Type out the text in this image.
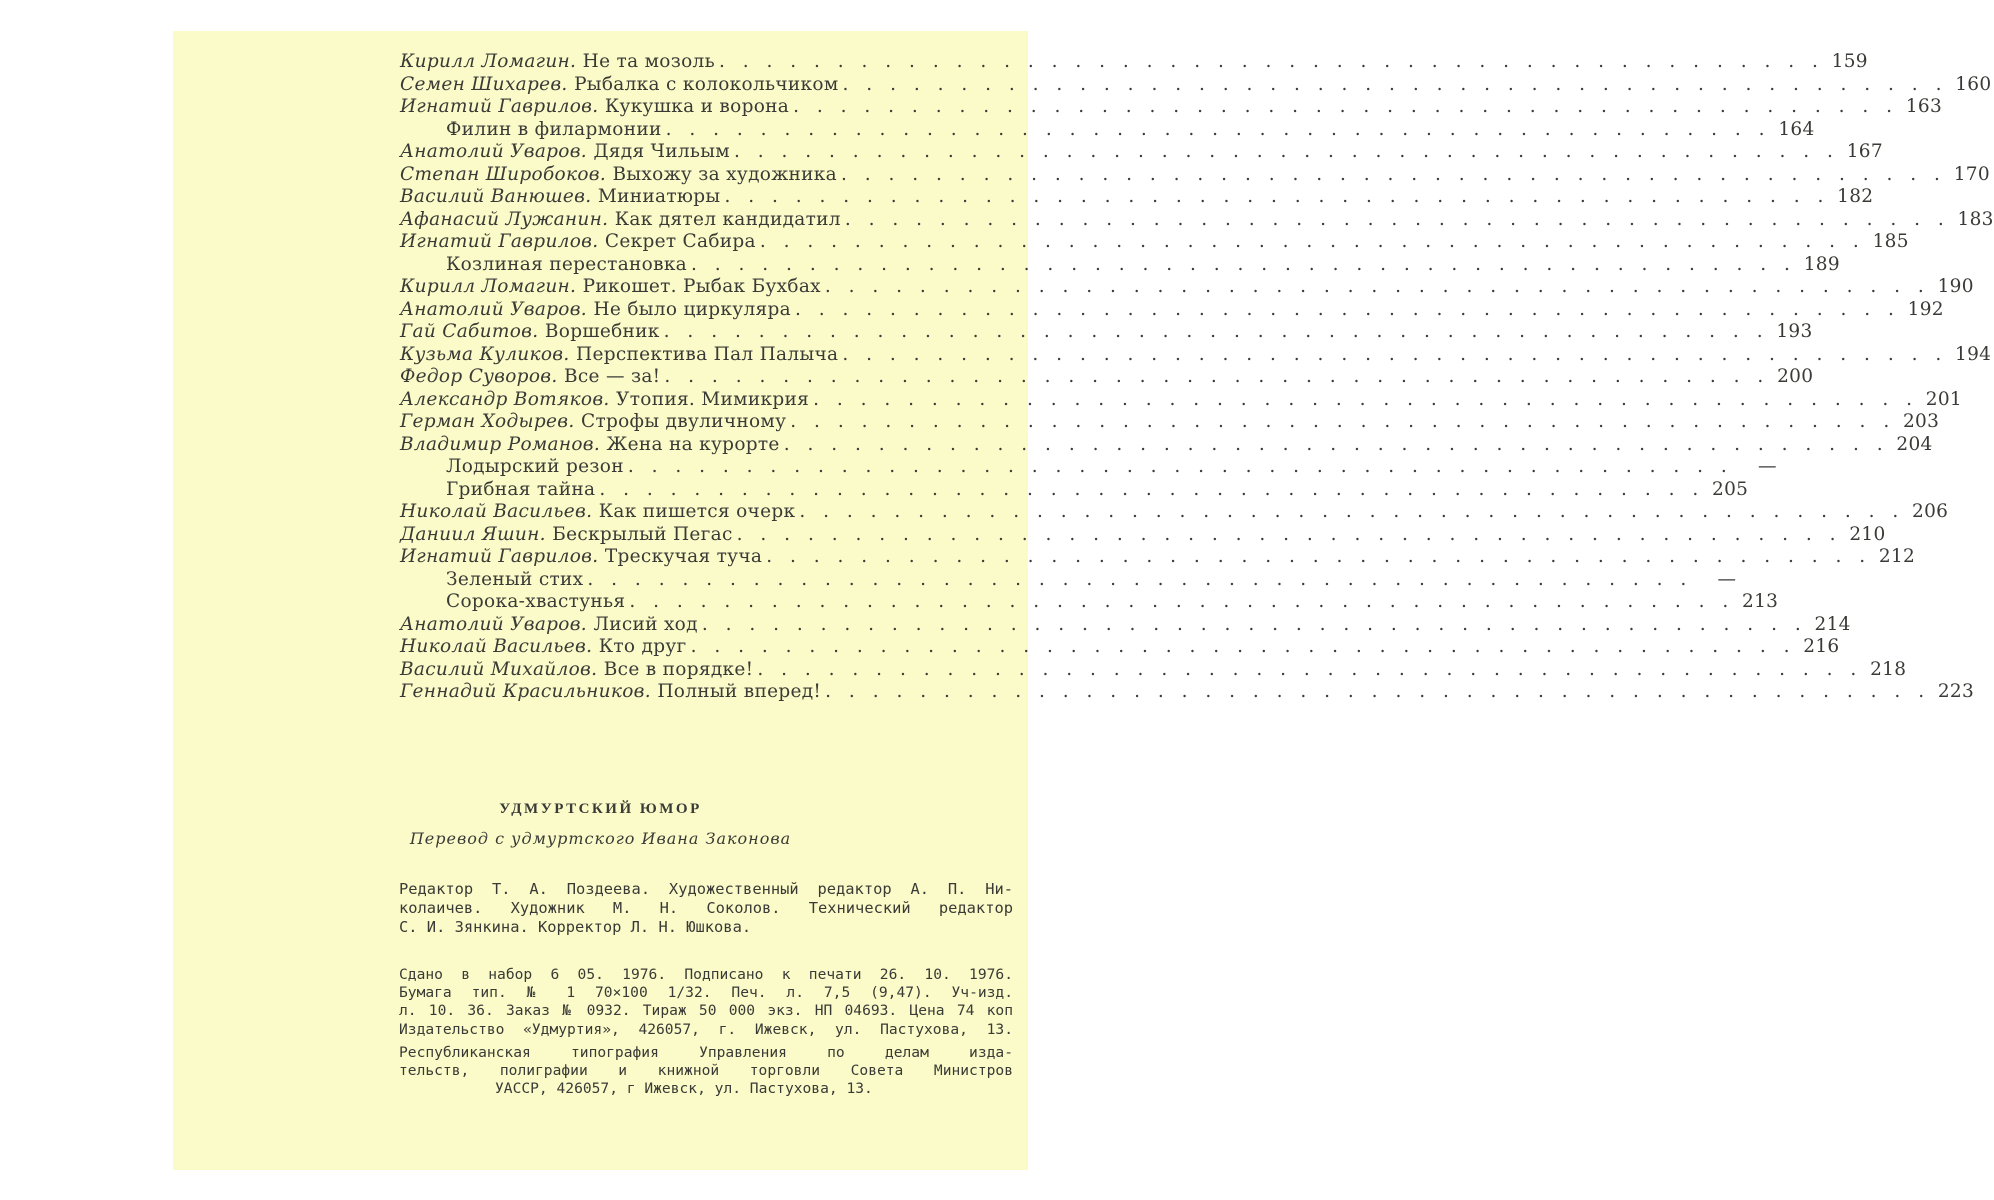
Кирилл Ломагин. Не та мозоль . . . . . . . . . . . . . . . . . . . . . . . . . . . . . . . . . . . . . . . . . . . . . . . 159
Семен Шихарев. Рыбалка с колокольчиком . . . . . . . . . . . . . . . . . . . . . . . . . . . . . . . . . . . . . . . . . . . . . . . 160
Игнатий Гаврилов. Кукушка и ворона . . . . . . . . . . . . . . . . . . . . . . . . . . . . . . . . . . . . . . . . . . . . . . . 163
Филин в филармонии . . . . . . . . . . . . . . . . . . . . . . . . . . . . . . . . . . . . . . . . . . . . . . . 164
Анатолий Уваров. Дядя Чильым . . . . . . . . . . . . . . . . . . . . . . . . . . . . . . . . . . . . . . . . . . . . . . . 167
Степан Широбоков. Выхожу за художника . . . . . . . . . . . . . . . . . . . . . . . . . . . . . . . . . . . . . . . . . . . . . . . 170
Василий Ванюшев. Миниатюры . . . . . . . . . . . . . . . . . . . . . . . . . . . . . . . . . . . . . . . . . . . . . . . 182
Афанасий Лужанин. Как дятел кандидатил . . . . . . . . . . . . . . . . . . . . . . . . . . . . . . . . . . . . . . . . . . . . . . . 183
Игнатий Гаврилов. Секрет Сабира . . . . . . . . . . . . . . . . . . . . . . . . . . . . . . . . . . . . . . . . . . . . . . . 185
Козлиная перестановка . . . . . . . . . . . . . . . . . . . . . . . . . . . . . . . . . . . . . . . . . . . . . . . 189
Кирилл Ломагин. Рикошет. Рыбак Бухбах . . . . . . . . . . . . . . . . . . . . . . . . . . . . . . . . . . . . . . . . . . . . . . . 190
Анатолий Уваров. Не было циркуляра . . . . . . . . . . . . . . . . . . . . . . . . . . . . . . . . . . . . . . . . . . . . . . . 192
Гай Сабитов. Воршебник . . . . . . . . . . . . . . . . . . . . . . . . . . . . . . . . . . . . . . . . . . . . . . . 193
Кузьма Куликов. Перспектива Пал Палыча . . . . . . . . . . . . . . . . . . . . . . . . . . . . . . . . . . . . . . . . . . . . . . . 194
Федор Суворов. Все — за! . . . . . . . . . . . . . . . . . . . . . . . . . . . . . . . . . . . . . . . . . . . . . . . 200
Александр Вотяков. Утопия. Мимикрия . . . . . . . . . . . . . . . . . . . . . . . . . . . . . . . . . . . . . . . . . . . . . . . 201
Герман Ходырев. Строфы двуличному . . . . . . . . . . . . . . . . . . . . . . . . . . . . . . . . . . . . . . . . . . . . . . . 203
Владимир Романов. Жена на курорте . . . . . . . . . . . . . . . . . . . . . . . . . . . . . . . . . . . . . . . . . . . . . . . 204
Лодырский резон . . . . . . . . . . . . . . . . . . . . . . . . . . . . . . . . . . . . . . . . . . . . . . .	—
Грибная тайна . . . . . . . . . . . . . . . . . . . . . . . . . . . . . . . . . . . . . . . . . . . . . . . 205
Николай Васильев. Как пишется очерк . . . . . . . . . . . . . . . . . . . . . . . . . . . . . . . . . . . . . . . . . . . . . . . 206
Даниил Яшин. Бескрылый Пегас . . . . . . . . . . . . . . . . . . . . . . . . . . . . . . . . . . . . . . . . . . . . . . . 210
Игнатий Гаврилов. Трескучая туча . . . . . . . . . . . . . . . . . . . . . . . . . . . . . . . . . . . . . . . . . . . . . . . 212
Зеленый стих . . . . . . . . . . . . . . . . . . . . . . . . . . . . . . . . . . . . . . . . . . . . . . .	—
Сорока-хвастунья . . . . . . . . . . . . . . . . . . . . . . . . . . . . . . . . . . . . . . . . . . . . . . . 213
Анатолий Уваров. Лисий ход . . . . . . . . . . . . . . . . . . . . . . . . . . . . . . . . . . . . . . . . . . . . . . . 214
Николай Васильев. Кто друг . . . . . . . . . . . . . . . . . . . . . . . . . . . . . . . . . . . . . . . . . . . . . . . 216
Василий Михайлов. Все в порядке! . . . . . . . . . . . . . . . . . . . . . . . . . . . . . . . . . . . . . . . . . . . . . . . 218
Геннадий Красильников. Полный вперед! . . . . . . . . . . . . . . . . . . . . . . . . . . . . . . . . . . . . . . . . . . . . . . . 223
УДМУРТСКИЙ ЮМОР
Перевод с удмуртского Ивана Законова
Редактор Т. А. Поздеева. Художественный редактор А. П. Ни-
колаичев. Художник М. Н. Соколов. Технический редактор
С. И. Зянкина. Корректор Л. Н. Юшкова.
Сдано в набор 6 05. 1976. Подписано к печати 26. 10. 1976.
Бумага тип. № 1 70×100 1/32. Печ. л. 7,5 (9,47). Уч-изд.
л. 10. 36. Заказ № 0932. Тираж 50 000 экз. НП 04693. Цена 74 коп
Издательство «Удмуртия», 426057, г. Ижевск, ул. Пастухова, 13.
Республиканская типография Управления по делам изда-
тельств, полиграфии и книжной торговли Совета Министров
УАССР, 426057, г Ижевск, ул. Пастухова, 13.
